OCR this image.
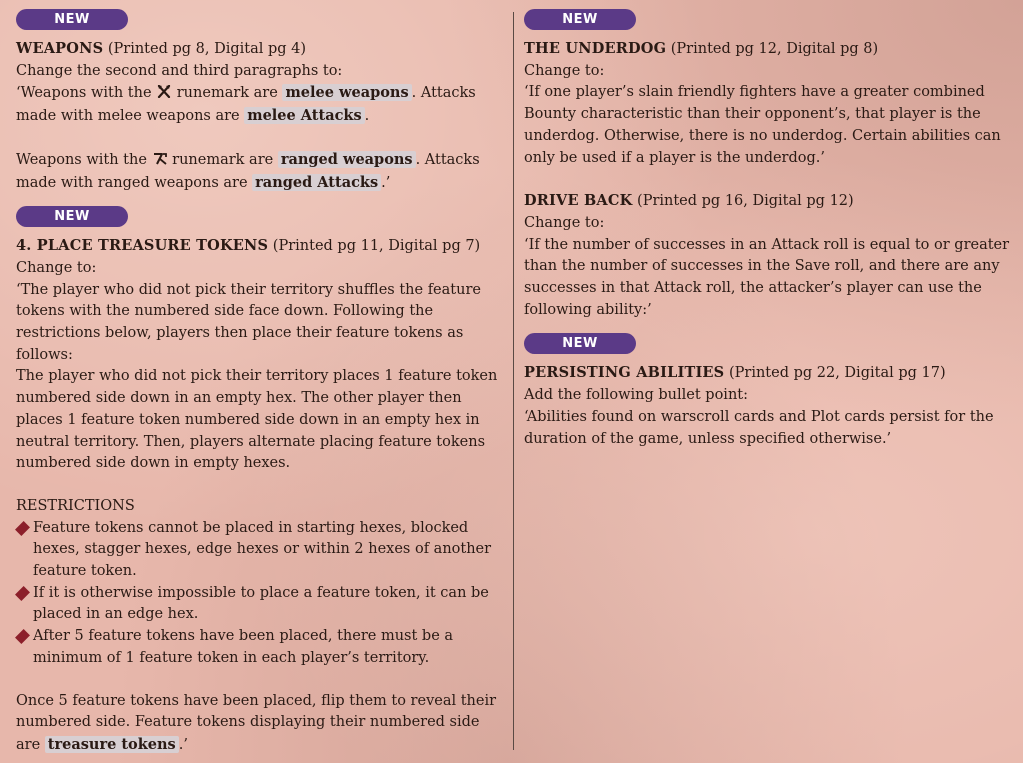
NEW

WEAPONS (Printed pg 8, Digital pg 4)

Change the second and third paragraphs to:

‘Weapons with the runemark are melee weapons . Attacks made with melee weapons are melee Attacks .

Weapons with the runemark are ranged weapons . Attacks made with ranged weapons are ranged Attacks .’

NEW

4. PLACE TREASURE TOKENS (Printed pg 11, Digital pg 7)

Change to:

‘The player who did not pick their territory shuffles the feature tokens with the numbered side face down. Following the restrictions below, players then place their feature tokens as follows:

The player who did not pick their territory places 1 feature token numbered side down in an empty hex. The other player then places 1 feature token numbered side down in an empty hex in neutral territory. Then, players alternate placing feature tokens numbered side down in empty hexes.

RESTRICTIONS

Feature tokens cannot be placed in starting hexes, blocked hexes, stagger hexes, edge hexes or within 2 hexes of another feature token.
If it is otherwise impossible to place a feature token, it can be placed in an edge hex.
After 5 feature tokens have been placed, there must be a minimum of 1 feature token in each player’s territory.

Once 5 feature tokens have been placed, flip them to reveal their numbered side. Feature tokens displaying their numbered side are treasure tokens .’

NEW

THE UNDERDOG (Printed pg 12, Digital pg 8)

Change to:

‘If one player’s slain friendly fighters have a greater combined Bounty characteristic than their opponent’s, that player is the underdog. Otherwise, there is no underdog. Certain abilities can only be used if a player is the underdog.’

DRIVE BACK (Printed pg 16, Digital pg 12)

Change to:

‘If the number of successes in an Attack roll is equal to or greater than the number of successes in the Save roll, and there are any successes in that Attack roll, the attacker’s player can use the following ability:’

NEW

PERSISTING ABILITIES (Printed pg 22, Digital pg 17)

Add the following bullet point:

‘Abilities found on warscroll cards and Plot cards persist for the duration of the game, unless specified otherwise.’
